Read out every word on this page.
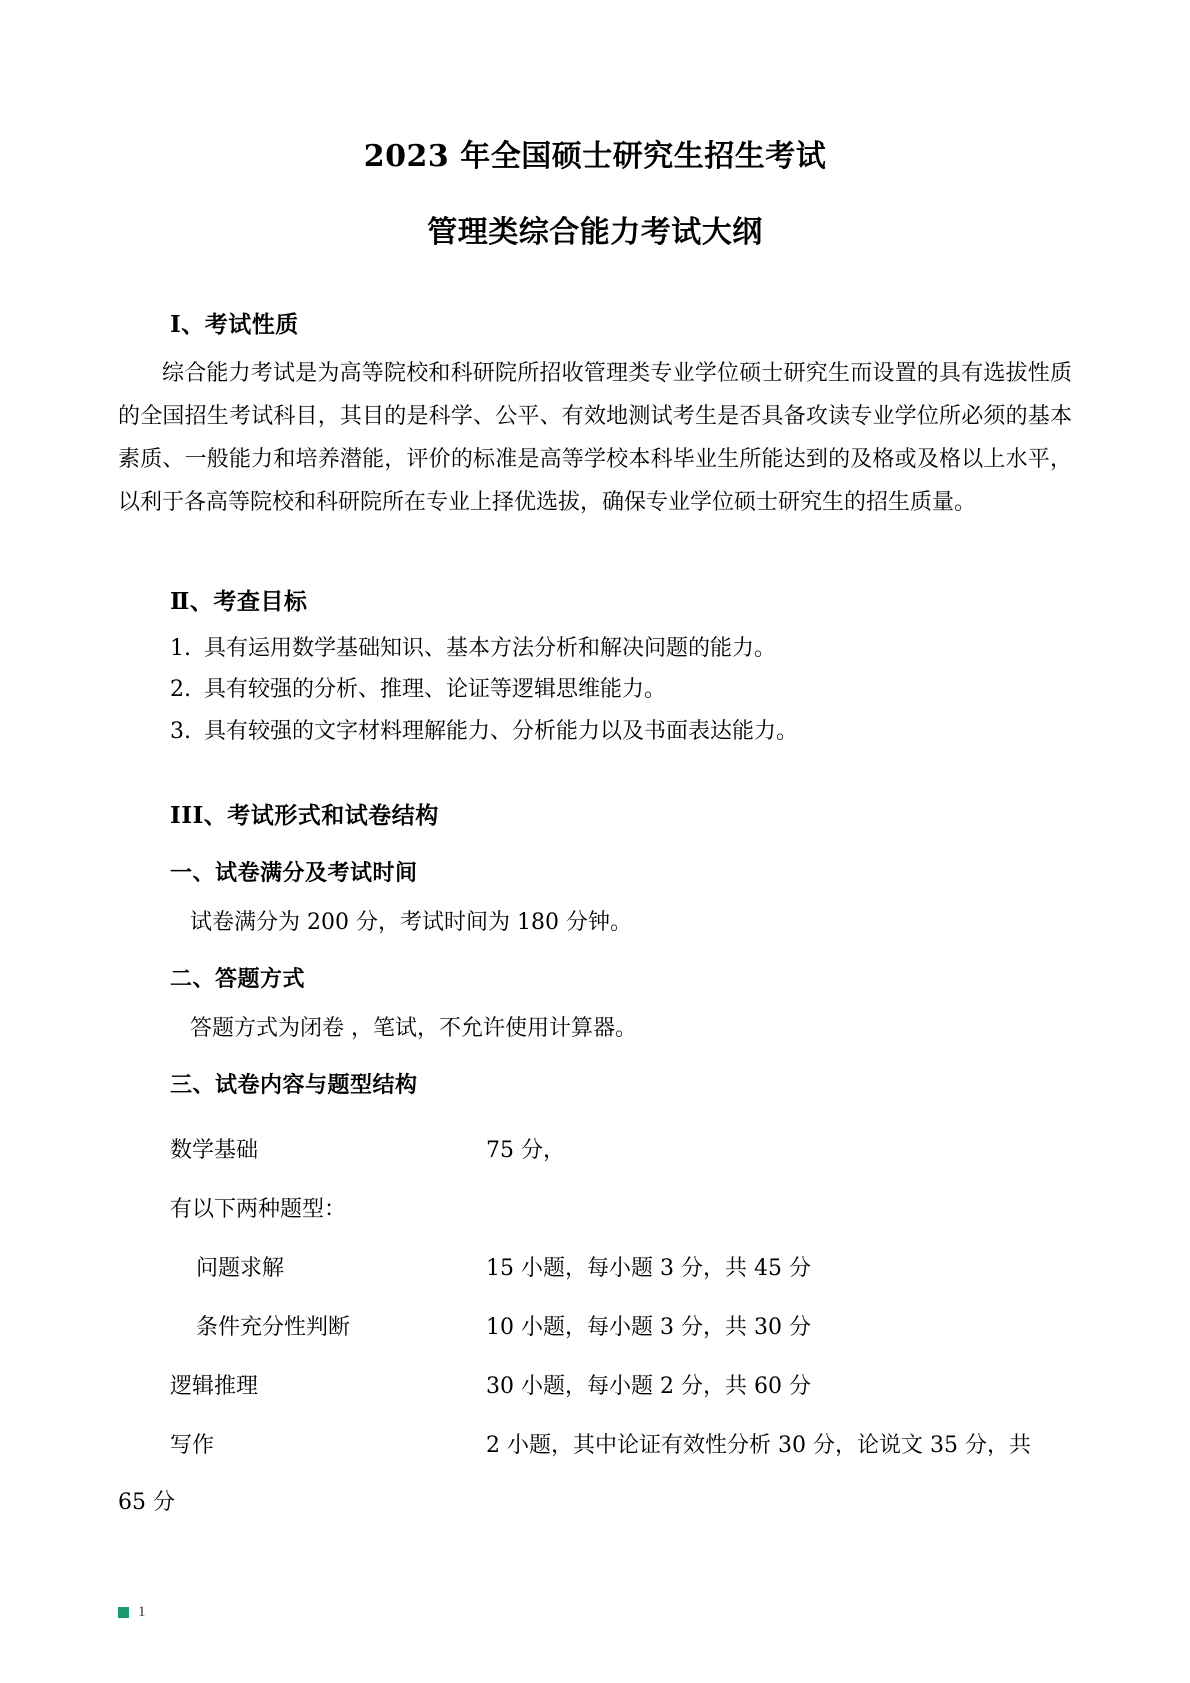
2023 年全国硕士研究生招生考试
管理类综合能力考试大纲
Ⅰ、考试性质

综合能力考试是为高等院校和科研院所招收管理类专业学位硕士研究生而设置的具有选拔性质的全国招生考试科目，其目的是科学、公平、有效地测试考生是否具备攻读专业学位所必须的基本素质、一般能力和培养潜能，评价的标准是高等学校本科毕业生所能达到的及格或及格以上水平，以利于各高等院校和科研院所在专业上择优选拔，确保专业学位硕士研究生的招生质量。

Ⅱ、考查目标
1. 具有运用数学基础知识、基本方法分析和解决问题的能力。
2. 具有较强的分析、推理、论证等逻辑思维能力。
3. 具有较强的文字材料理解能力、分析能力以及书面表达能力。
III、考试形式和试卷结构
一、试卷满分及考试时间
试卷满分为 200 分，考试时间为 180 分钟。
二、答题方式
答题方式为闭卷 ，笔试，不允许使用计算器。
三、试卷内容与题型结构
数学基础	75 分，
有以下两种题型：	
问题求解	15 小题，每小题 3 分，共 45 分
条件充分性判断	10 小题，每小题 3 分，共 30 分
逻辑推理	30 小题，每小题 2 分，共 60 分
写作	2 小题，其中论证有效性分析 30 分，论说文 35 分，共
65 分
1
